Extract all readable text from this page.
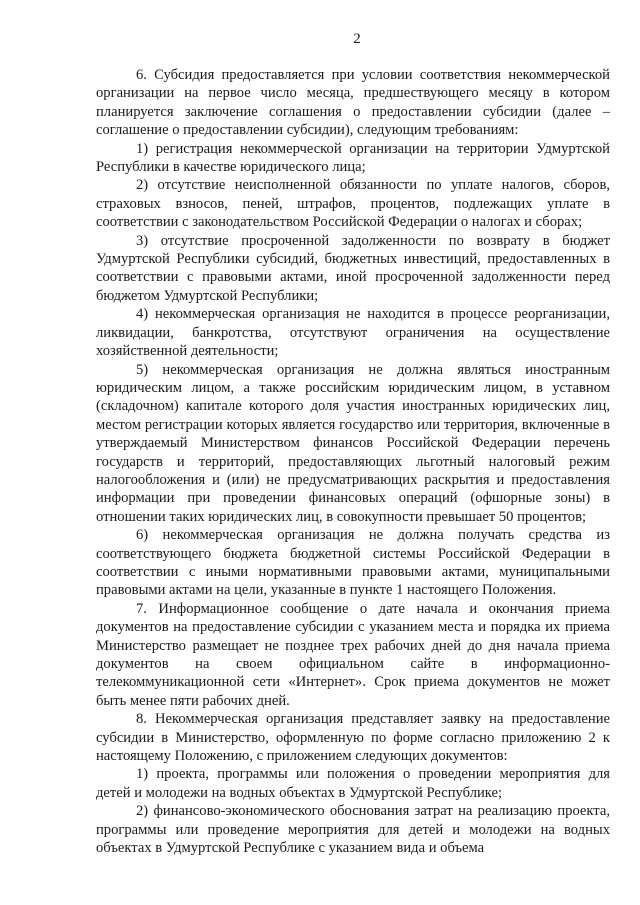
2

6. Субсидия предоставляется при условии соответствия некоммерческой организации на первое число месяца, предшествующего месяцу в котором планируется заключение соглашения о предоставлении субсидии (далее – соглашение о предоставлении субсидии), следующим требованиям:

1) регистрация некоммерческой организации на территории Удмуртской Республики в качестве юридического лица;

2) отсутствие неисполненной обязанности по уплате налогов, сборов, страховых взносов, пеней, штрафов, процентов, подлежащих уплате в соответствии с законодательством Российской Федерации о налогах и сборах;

3) отсутствие просроченной задолженности по возврату в бюджет Удмуртской Республики субсидий, бюджетных инвестиций, предоставленных в соответствии с правовыми актами, иной просроченной задолженности перед бюджетом Удмуртской Республики;

4) некоммерческая организация не находится в процессе реорганизации, ликвидации, банкротства, отсутствуют ограничения на осуществление хозяйственной деятельности;

5) некоммерческая организация не должна являться иностранным юридическим лицом, а также российским юридическим лицом, в уставном (складочном) капитале которого доля участия иностранных юридических лиц, местом регистрации которых является государство или территория, включенные в утверждаемый Министерством финансов Российской Федерации перечень государств и территорий, предоставляющих льготный налоговый режим налогообложения и (или) не предусматривающих раскрытия и предоставления информации при проведении финансовых операций (офшорные зоны) в отношении таких юридических лиц, в совокупности превышает 50 процентов;

6) некоммерческая организация не должна получать средства из соответствующего бюджета бюджетной системы Российской Федерации в соответствии с иными нормативными правовыми актами, муниципальными правовыми актами на цели, указанные в пункте 1 настоящего Положения.

7. Информационное сообщение о дате начала и окончания приема документов на предоставление субсидии с указанием места и порядка их приема Министерство размещает не позднее трех рабочих дней до дня начала приема документов на своем официальном сайте в информационно-телекоммуникационной сети «Интернет». Срок приема документов не может быть менее пяти рабочих дней.

8. Некоммерческая организация представляет заявку на предоставление субсидии в Министерство, оформленную по форме согласно приложению 2 к настоящему Положению, с приложением следующих документов:

1) проекта, программы или положения о проведении мероприятия для детей и молодежи на водных объектах в Удмуртской Республике;

2) финансово-экономического обоснования затрат на реализацию проекта, программы или проведение мероприятия для детей и молодежи на водных объектах в Удмуртской Республике с указанием вида и объема
